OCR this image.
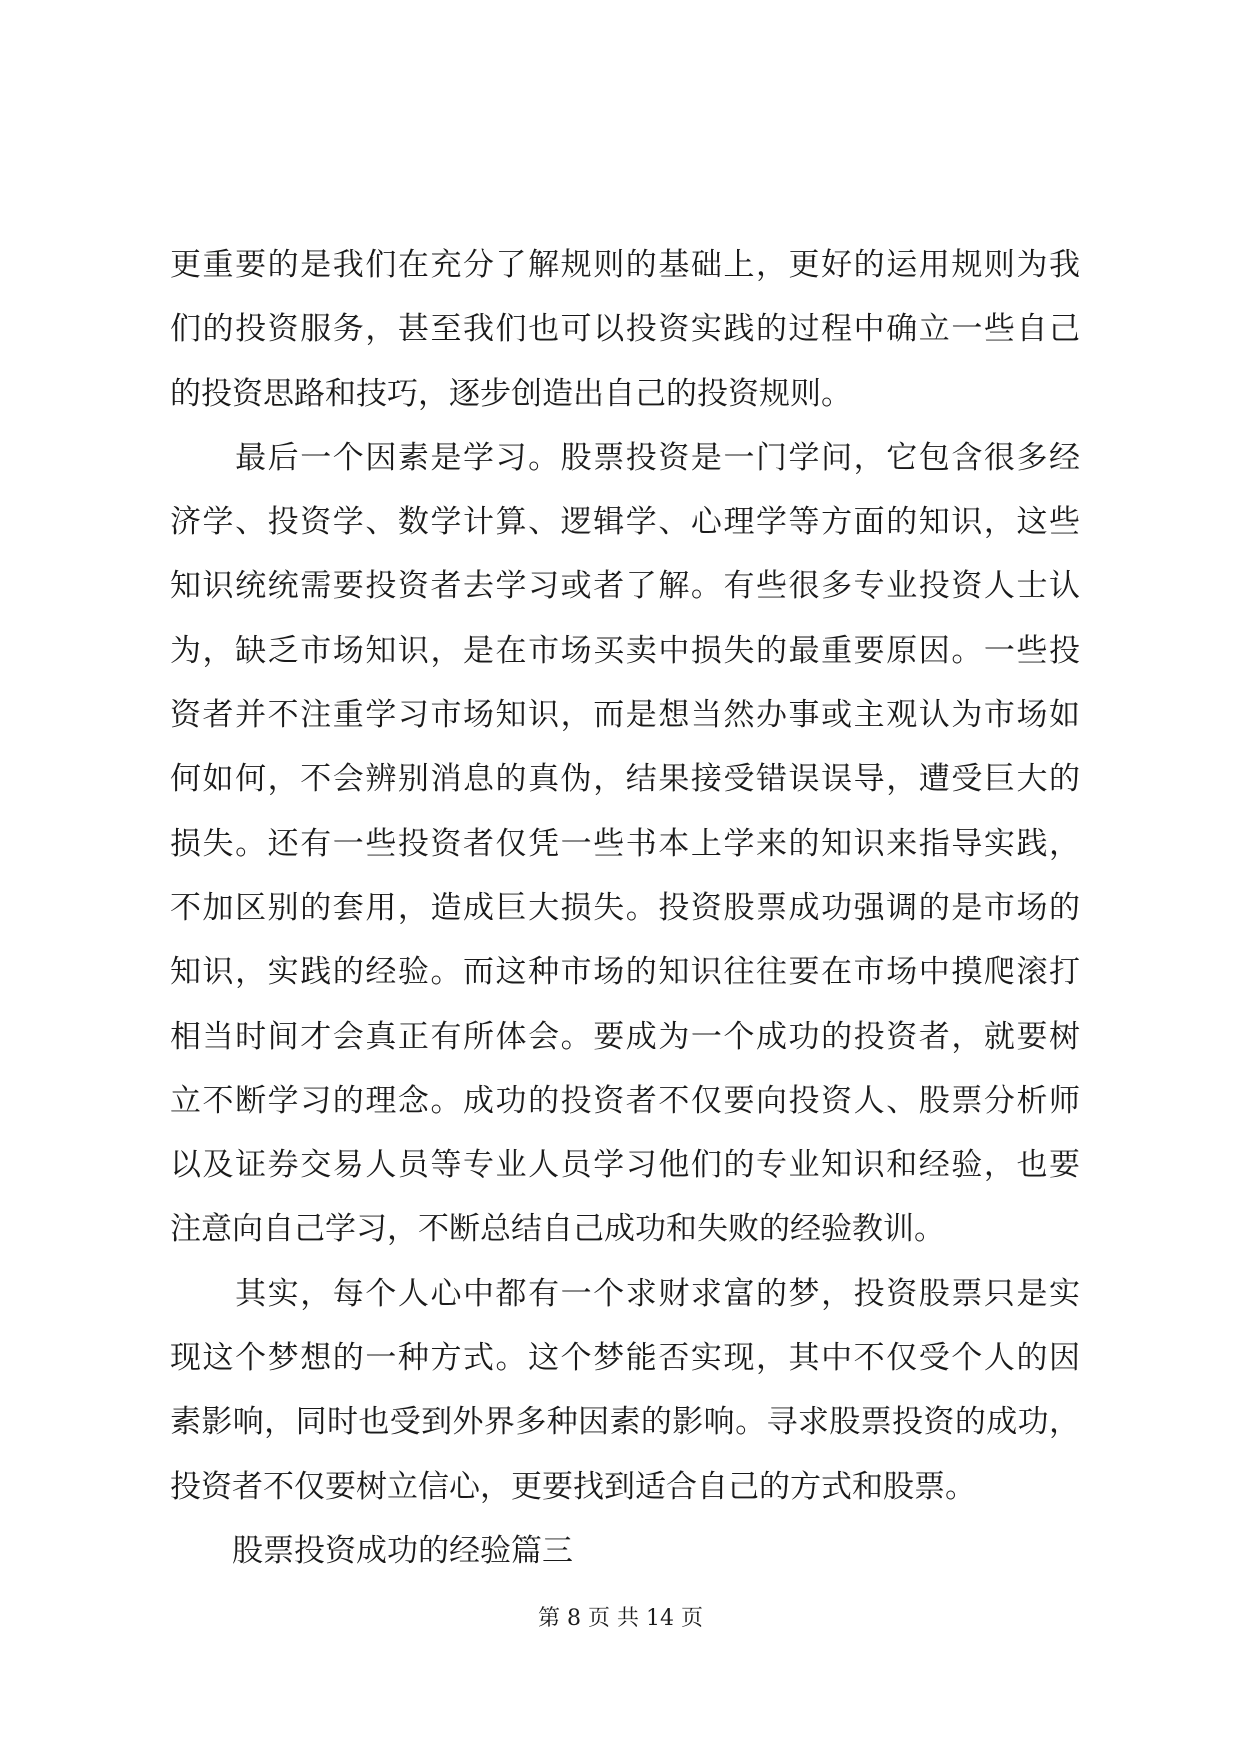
更重要的是我们在充分了解规则的基础上，更好的运用规则为我
们的投资服务，甚至我们也可以投资实践的过程中确立一些自己
的投资思路和技巧，逐步创造出自己的投资规则。
　　最后一个因素是学习。股票投资是一门学问，它包含很多经
济学、投资学、数学计算、逻辑学、心理学等方面的知识，这些
知识统统需要投资者去学习或者了解。有些很多专业投资人士认
为，缺乏市场知识，是在市场买卖中损失的最重要原因。一些投
资者并不注重学习市场知识，而是想当然办事或主观认为市场如
何如何，不会辨别消息的真伪，结果接受错误误导，遭受巨大的
损失。还有一些投资者仅凭一些书本上学来的知识来指导实践，
不加区别的套用，造成巨大损失。投资股票成功强调的是市场的
知识，实践的经验。而这种市场的知识往往要在市场中摸爬滚打
相当时间才会真正有所体会。要成为一个成功的投资者，就要树
立不断学习的理念。成功的投资者不仅要向投资人、股票分析师
以及证券交易人员等专业人员学习他们的专业知识和经验，也要
注意向自己学习，不断总结自己成功和失败的经验教训。
　　其实，每个人心中都有一个求财求富的梦，投资股票只是实
现这个梦想的一种方式。这个梦能否实现，其中不仅受个人的因
素影响，同时也受到外界多种因素的影响。寻求股票投资的成功，
投资者不仅要树立信心，更要找到适合自己的方式和股票。
　　股票投资成功的经验篇三
第 8 页 共 14 页
